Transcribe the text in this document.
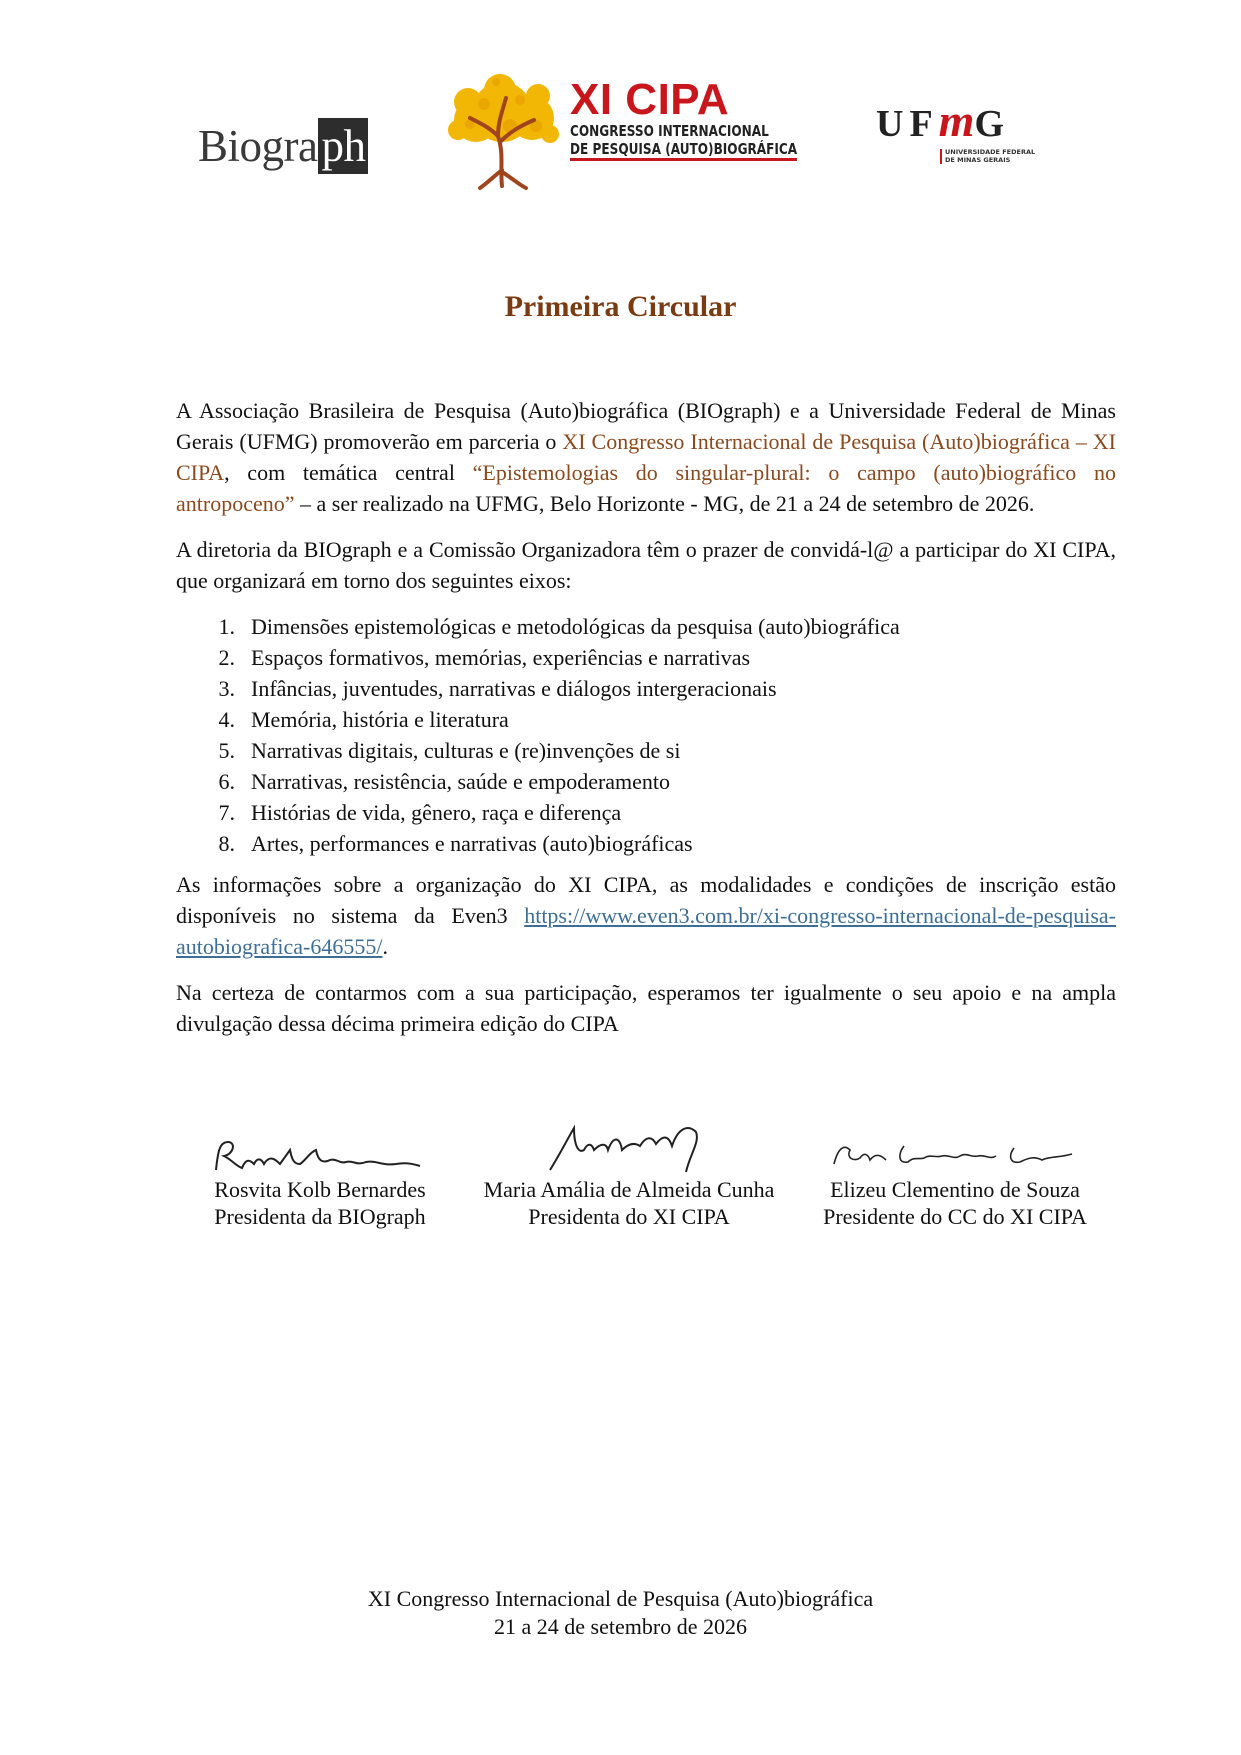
Biogra ph
XI CIPA
CONGRESSO INTERNACIONAL
DE PESQUISA (AUTO)BIOGRÁFICA
UFmG
UNIVERSIDADE FEDERAL
DE MINAS GERAIS
Primeira Circular

A Associação Brasileira de Pesquisa (Auto)biográfica (BIOgraph) e a Universidade Federal de Minas Gerais (UFMG) promoverão em parceria o XI Congresso Internacional de Pesquisa (Auto)biográfica – XI CIPA, com temática central “Epistemologias do singular-plural: o campo (auto)biográfico no antropoceno” – a ser realizado na UFMG, Belo Horizonte - MG, de 21 a 24 de setembro de 2026.

A diretoria da BIOgraph e a Comissão Organizadora têm o prazer de convidá-l@ a participar do XI CIPA, que organizará em torno dos seguintes eixos:

1. Dimensões epistemológicas e metodológicas da pesquisa (auto)biográfica
2. Espaços formativos, memórias, experiências e narrativas
3. Infâncias, juventudes, narrativas e diálogos intergeracionais
4. Memória, história e literatura
5. Narrativas digitais, culturas e (re)invenções de si
6. Narrativas, resistência, saúde e empoderamento
7. Histórias de vida, gênero, raça e diferença
8. Artes, performances e narrativas (auto)biográficas

As informações sobre a organização do XI CIPA, as modalidades e condições de inscrição estão disponíveis no sistema da Even3 https://www.even3.com.br/xi-congresso-internacional-de-pesquisa-autobiografica-646555/.

Na certeza de contarmos com a sua participação, esperamos ter igualmente o seu apoio e na ampla divulgação dessa décima primeira edição do CIPA

Rosvita Kolb Bernardes
Presidenta da BIOgraph
Maria Amália de Almeida Cunha
Presidenta do XI CIPA
Elizeu Clementino de Souza
Presidente do CC do XI CIPA
XI Congresso Internacional de Pesquisa (Auto)biográfica
21 a 24 de setembro de 2026
